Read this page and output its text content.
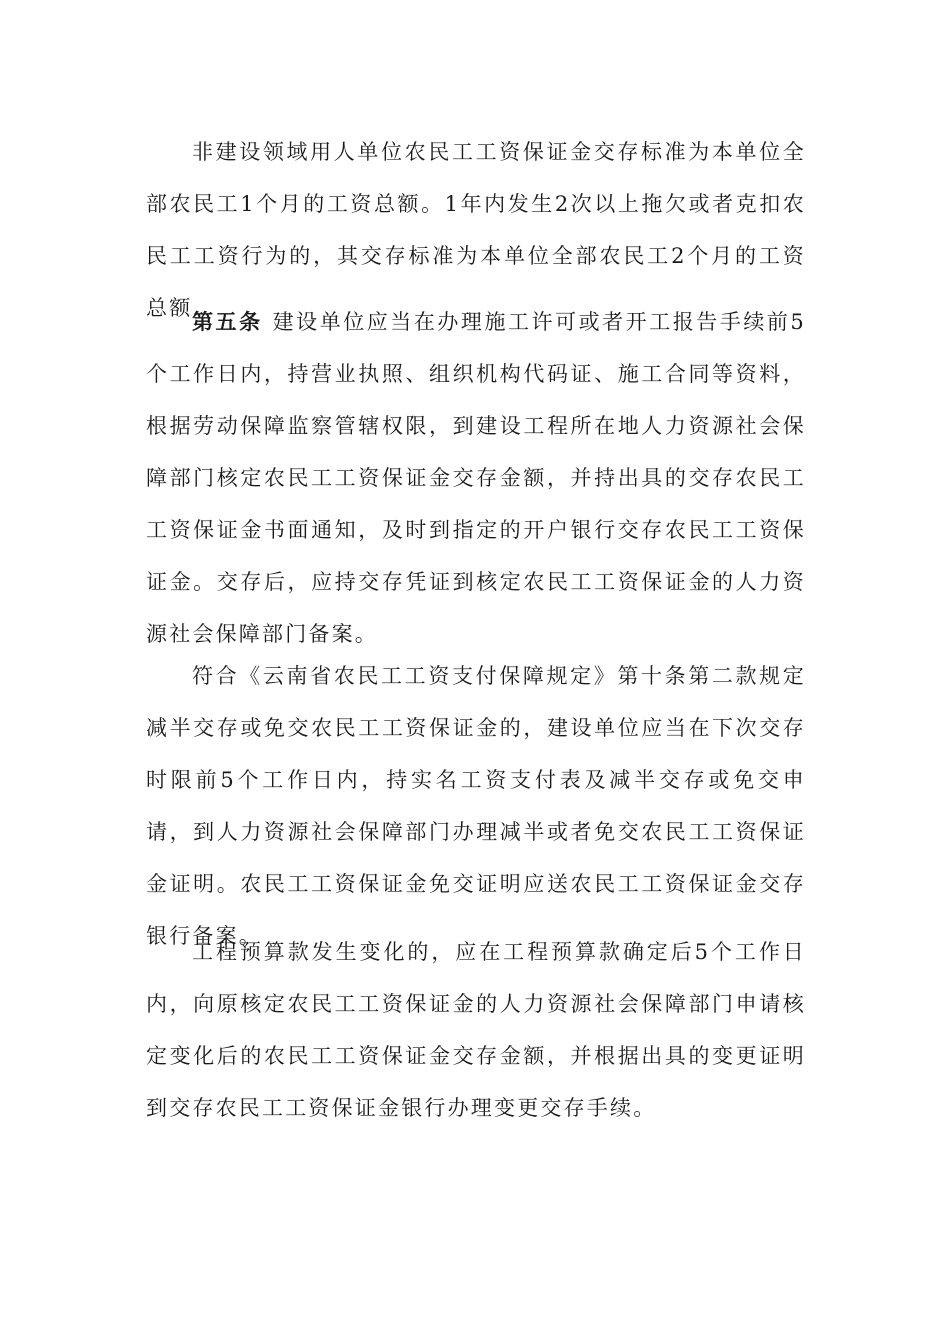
非建设领域用人单位农民工工资保证金交存标准为本单位全部农民工1个月的工资总额。1年内发生2次以上拖欠或者克扣农民工工资行为的，其交存标准为本单位全部农民工2个月的工资总额.

第五条 建设单位应当在办理施工许可或者开工报告手续前5个工作日内，持营业执照、组织机构代码证、施工合同等资料，根据劳动保障监察管辖权限，到建设工程所在地人力资源社会保障部门核定农民工工资保证金交存金额，并持出具的交存农民工工资保证金书面通知，及时到指定的开户银行交存农民工工资保证金。交存后，应持交存凭证到核定农民工工资保证金的人力资源社会保障部门备案。

符合《云南省农民工工资支付保障规定》第十条第二款规定减半交存或免交农民工工资保证金的，建设单位应当在下次交存时限前5个工作日内，持实名工资支付表及减半交存或免交申请，到人力资源社会保障部门办理减半或者免交农民工工资保证金证明。农民工工资保证金免交证明应送农民工工资保证金交存银行备案。

工程预算款发生变化的，应在工程预算款确定后5个工作日内，向原核定农民工工资保证金的人力资源社会保障部门申请核定变化后的农民工工资保证金交存金额，并根据出具的变更证明到交存农民工工资保证金银行办理变更交存手续。
